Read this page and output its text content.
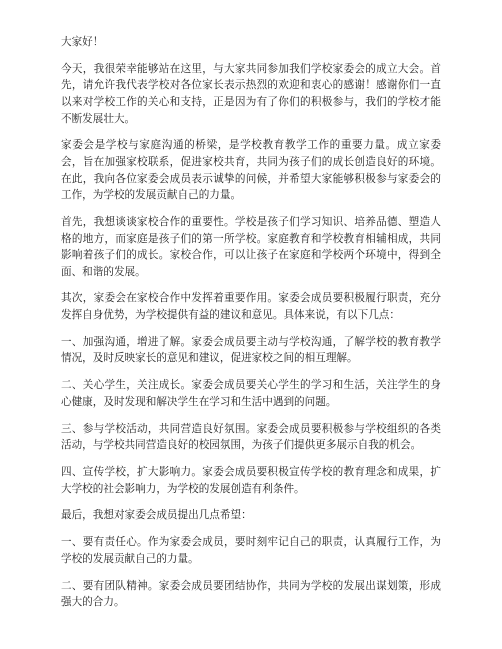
大家好！

今天，我很荣幸能够站在这里，与大家共同参加我们学校家委会的成立大会。首先，请允许我代表学校对各位家长表示热烈的欢迎和衷心的感谢！感谢你们一直以来对学校工作的关心和支持，正是因为有了你们的积极参与，我们的学校才能不断发展壮大。

家委会是学校与家庭沟通的桥梁，是学校教育教学工作的重要力量。成立家委会，旨在加强家校联系，促进家校共育，共同为孩子们的成长创造良好的环境。在此，我向各位家委会成员表示诚挚的问候，并希望大家能够积极参与家委会的工作，为学校的发展贡献自己的力量。

首先，我想谈谈家校合作的重要性。学校是孩子们学习知识、培养品德、塑造人格的地方，而家庭是孩子们的第一所学校。家庭教育和学校教育相辅相成，共同影响着孩子们的成长。家校合作，可以让孩子在家庭和学校两个环境中，得到全面、和谐的发展。

其次，家委会在家校合作中发挥着重要作用。家委会成员要积极履行职责，充分发挥自身优势，为学校提供有益的建议和意见。具体来说，有以下几点：

一、加强沟通，增进了解。家委会成员要主动与学校沟通，了解学校的教育教学情况，及时反映家长的意见和建议，促进家校之间的相互理解。

二、关心学生，关注成长。家委会成员要关心学生的学习和生活，关注学生的身心健康，及时发现和解决学生在学习和生活中遇到的问题。

三、参与学校活动，共同营造良好氛围。家委会成员要积极参与学校组织的各类活动，与学校共同营造良好的校园氛围，为孩子们提供更多展示自我的机会。

四、宣传学校，扩大影响力。家委会成员要积极宣传学校的教育理念和成果，扩大学校的社会影响力，为学校的发展创造有利条件。

最后，我想对家委会成员提出几点希望：

一、要有责任心。作为家委会成员，要时刻牢记自己的职责，认真履行工作，为学校的发展贡献自己的力量。

二、要有团队精神。家委会成员要团结协作，共同为学校的发展出谋划策，形成强大的合力。
